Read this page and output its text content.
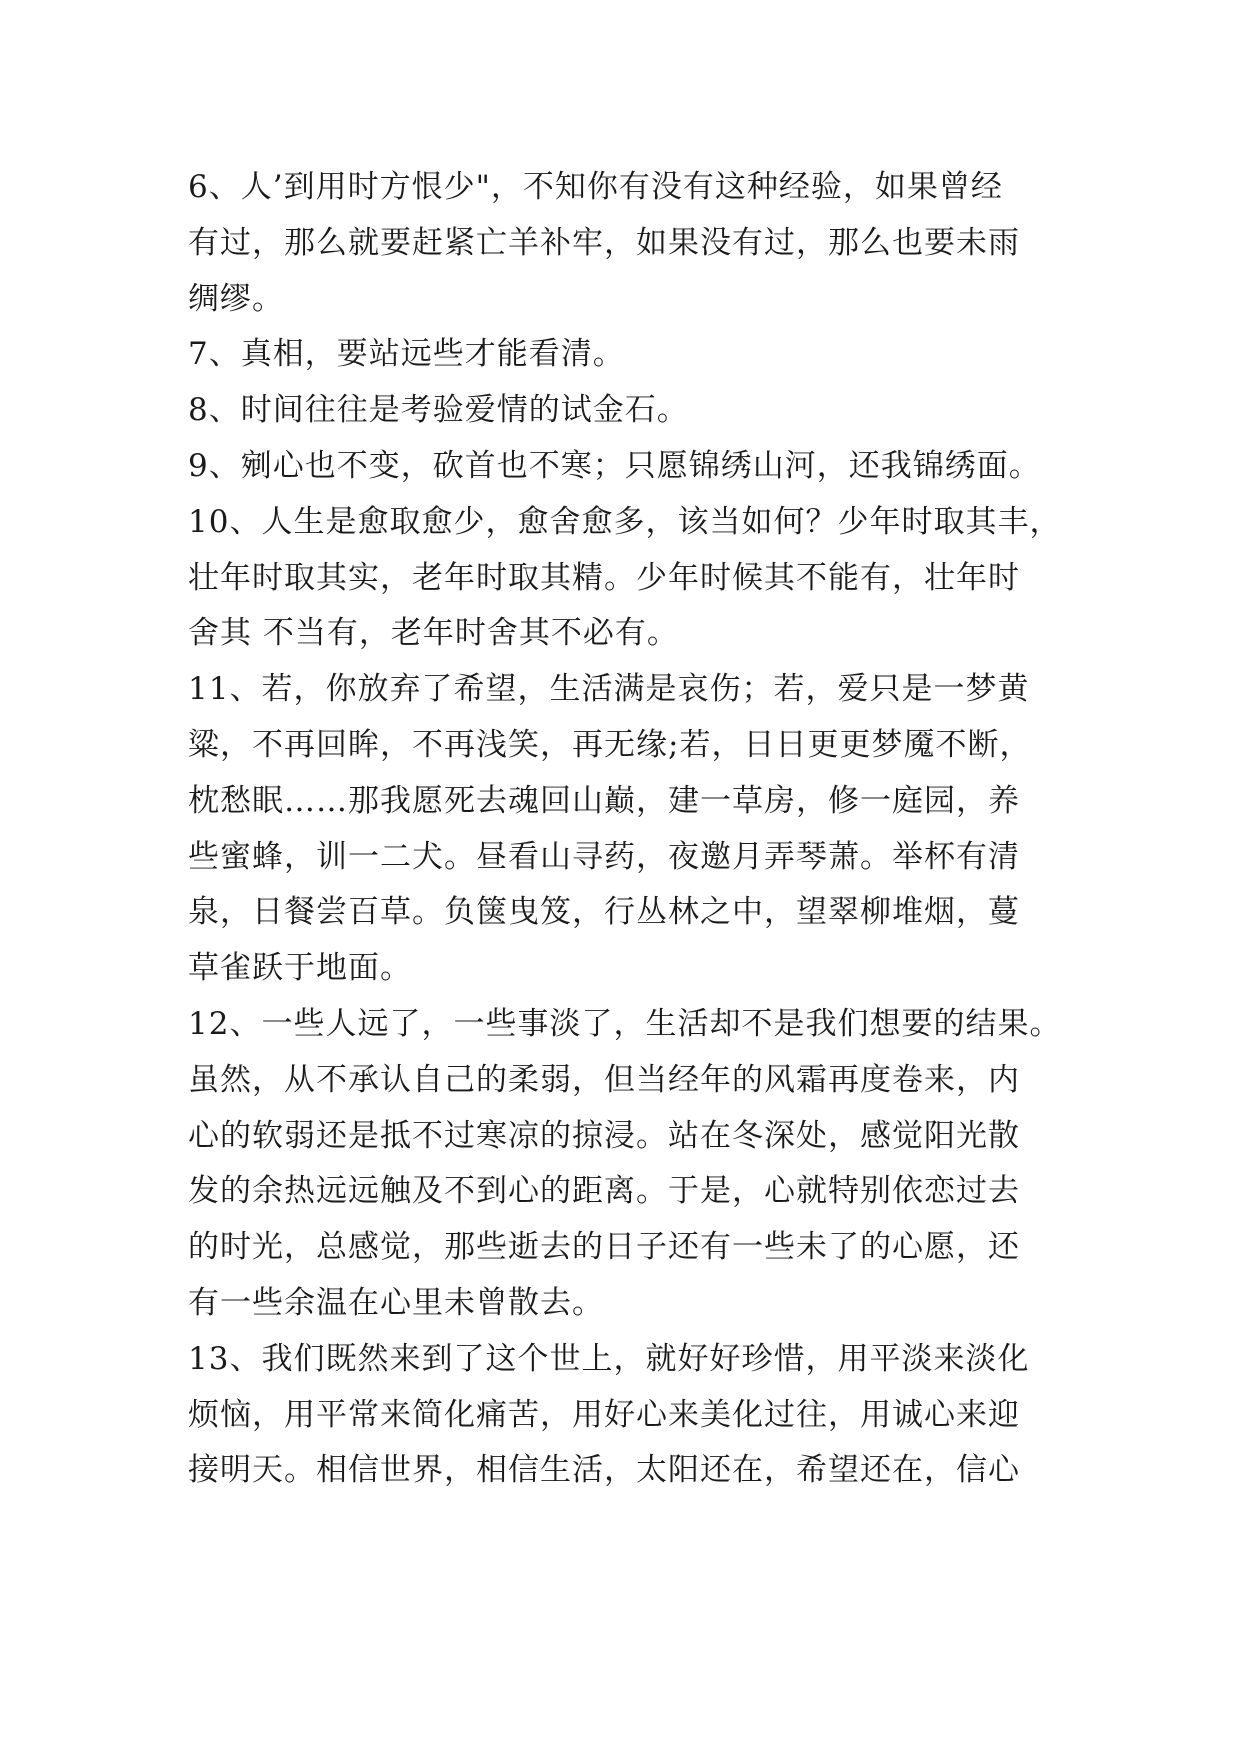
6、人’到用时方恨少"，不知你有没有这种经验，如果曾经
有过，那么就要赶紧亡羊补牢，如果没有过，那么也要未雨
绸缪。
7、真相，要站远些才能看清。
8、时间往往是考验爱情的试金石。
9、剜心也不变，砍首也不寒；只愿锦绣山河，还我锦绣面。
10、人生是愈取愈少，愈舍愈多，该当如何？少年时取其丰，
壮年时取其实，老年时取其精。少年时候其不能有，壮年时
舍其 不当有，老年时舍其不必有。
11、若，你放弃了希望，生活满是哀伤；若，爱只是一梦黄
粱，不再回眸，不再浅笑，再无缘;若，日日更更梦魇不断，
枕愁眠……那我愿死去魂回山巅，建一草房，修一庭园，养
些蜜蜂，训一二犬。昼看山寻药，夜邀月弄琴萧。举杯有清
泉，日餐尝百草。负箧曳笈，行丛林之中，望翠柳堆烟，蔓
草雀跃于地面。
12、一些人远了，一些事淡了，生活却不是我们想要的结果。
虽然，从不承认自己的柔弱，但当经年的风霜再度卷来，内
心的软弱还是抵不过寒凉的掠浸。站在冬深处，感觉阳光散
发的余热远远触及不到心的距离。于是，心就特别依恋过去
的时光，总感觉，那些逝去的日子还有一些未了的心愿，还
有一些余温在心里未曾散去。
13、我们既然来到了这个世上，就好好珍惜，用平淡来淡化
烦恼，用平常来简化痛苦，用好心来美化过往，用诚心来迎
接明天。相信世界，相信生活，太阳还在，希望还在，信心
